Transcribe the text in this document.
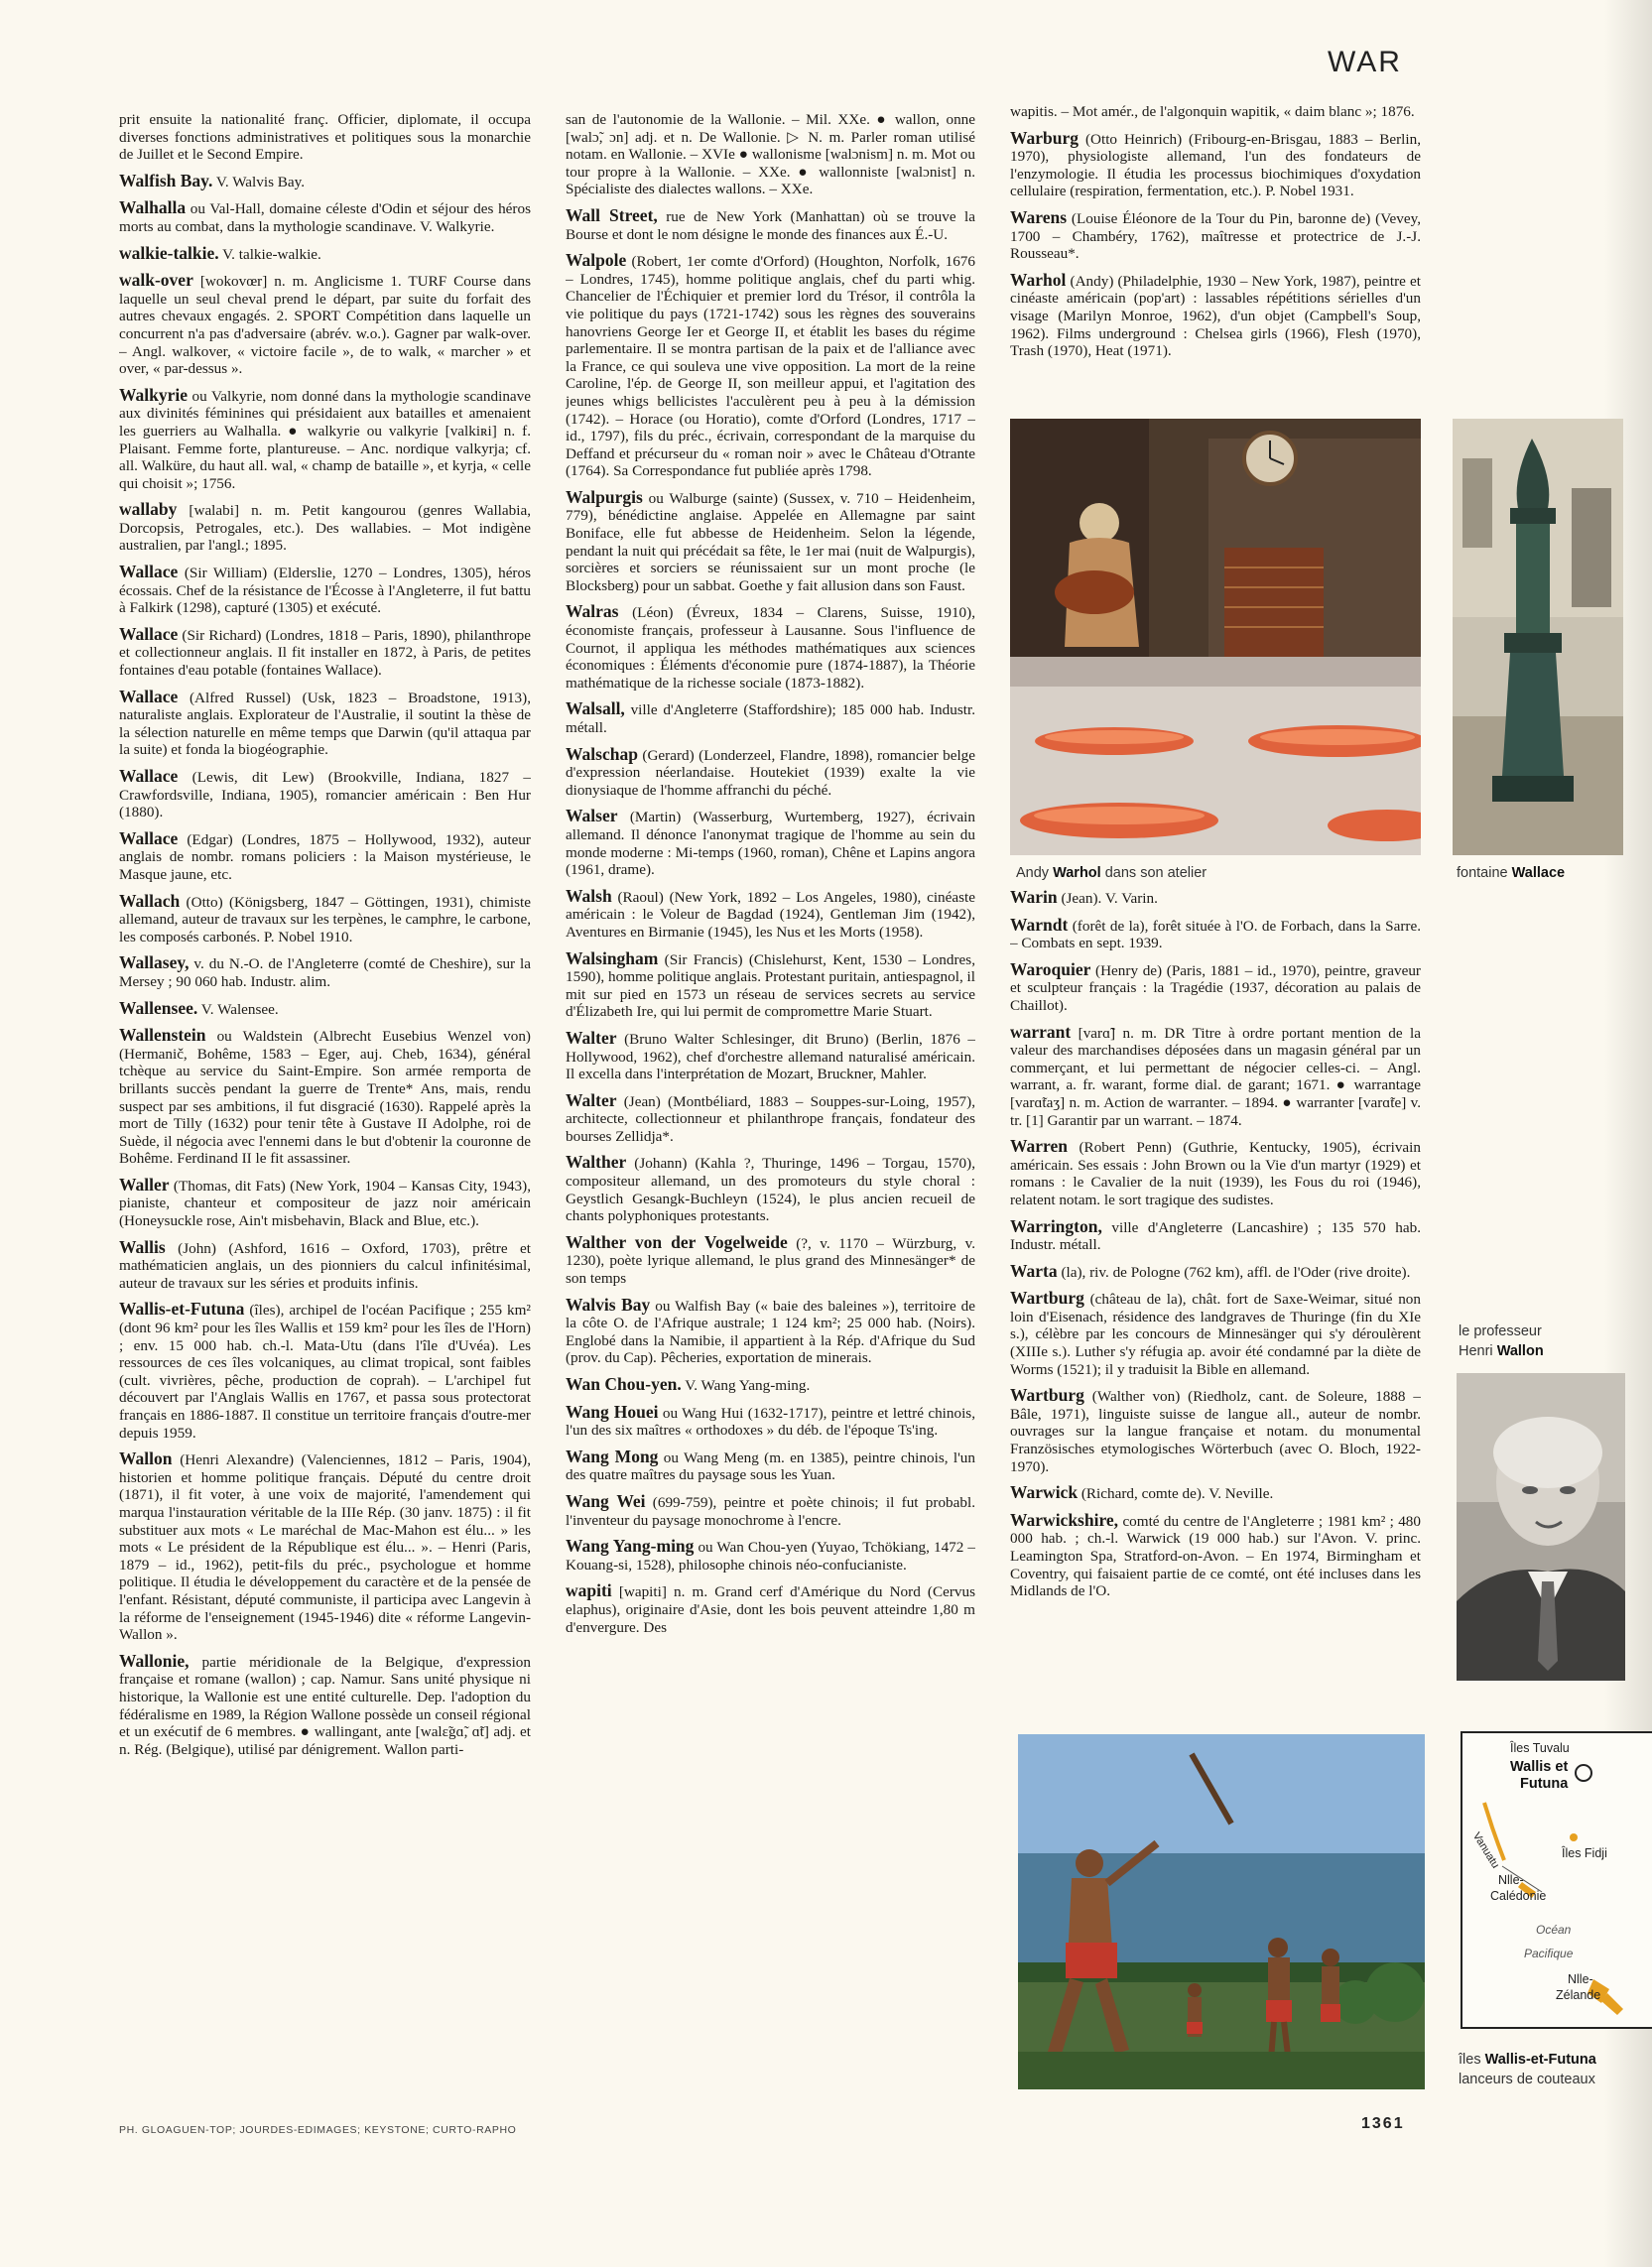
WAR
prit ensuite la nationalité franç. Officier, diplomate, il occupa diverses fonctions administratives et politiques sous la monarchie de Juillet et le Second Empire.
Walfish Bay. V. Walvis Bay.
Walhalla ou Val-Hall, domaine céleste d'Odin et séjour des héros morts au combat, dans la mythologie scandinave. V. Walkyrie.
walkie-talkie. V. talkie-walkie.
walk-over [wokovœr] n. m. Anglicisme 1. TURF Course dans laquelle un seul cheval prend le départ, par suite du forfait des autres chevaux engagés. 2. SPORT Compétition dans laquelle un concurrent n'a pas d'adversaire (abrév. w.o.). Gagner par walk-over. – Angl. walkover, « victoire facile », de to walk, « marcher » et over, « par-dessus ».
Walkyrie ou Valkyrie, nom donné dans la mythologie scandinave aux divinités féminines qui présidaient aux batailles et amenaient les guerriers au Walhalla. ● walkyrie ou valkyrie [valkiʀi] n. f. Plaisant. Femme forte, plantureuse. – Anc. nordique valkyrja; cf. all. Walküre, du haut all. wal, « champ de bataille », et kyrja, « celle qui choisit »; 1756.
wallaby [walabi] n. m. Petit kangourou (genres Wallabia, Dorcopsis, Petrogales, etc.). Des wallabies. – Mot indigène australien, par l'angl.; 1895.
Wallace (Sir William) (Elderslie, 1270 – Londres, 1305), héros écossais. Chef de la résistance de l'Écosse à l'Angleterre, il fut battu à Falkirk (1298), capturé (1305) et exécuté.
Wallace (Sir Richard) (Londres, 1818 – Paris, 1890), philanthrope et collectionneur anglais. Il fit installer en 1872, à Paris, de petites fontaines d'eau potable (fontaines Wallace).
Wallace (Alfred Russel) (Usk, 1823 – Broadstone, 1913), naturaliste anglais. Explorateur de l'Australie, il soutint la thèse de la sélection naturelle en même temps que Darwin (qu'il attaqua par la suite) et fonda la biogéographie.
Wallace (Lewis, dit Lew) (Brookville, Indiana, 1827 – Crawfordsville, Indiana, 1905), romancier américain : Ben Hur (1880).
Wallace (Edgar) (Londres, 1875 – Hollywood, 1932), auteur anglais de nombr. romans policiers : la Maison mystérieuse, le Masque jaune, etc.
Wallach (Otto) (Königsberg, 1847 – Göttingen, 1931), chimiste allemand, auteur de travaux sur les terpènes, le camphre, le carbone, les composés carbonés. P. Nobel 1910.
Wallasey, v. du N.-O. de l'Angleterre (comté de Cheshire), sur la Mersey ; 90 060 hab. Industr. alim.
Wallensee. V. Walensee.
Wallenstein ou Waldstein (Albrecht Eusebius Wenzel von) (Hermanič, Bohême, 1583 – Eger, auj. Cheb, 1634), général tchèque au service du Saint-Empire. Son armée remporta de brillants succès pendant la guerre de Trente* Ans, mais, rendu suspect par ses ambitions, il fut disgracié (1630). Rappelé après la mort de Tilly (1632) pour tenir tête à Gustave II Adolphe, roi de Suède, il négocia avec l'ennemi dans le but d'obtenir la couronne de Bohême. Ferdinand II le fit assassiner.
Waller (Thomas, dit Fats) (New York, 1904 – Kansas City, 1943), pianiste, chanteur et compositeur de jazz noir américain (Honeysuckle rose, Ain't misbehavin, Black and Blue, etc.).
Wallis (John) (Ashford, 1616 – Oxford, 1703), prêtre et mathématicien anglais, un des pionniers du calcul infinitésimal, auteur de travaux sur les séries et produits infinis.
Wallis-et-Futuna (îles), archipel de l'océan Pacifique ; 255 km² (dont 96 km² pour les îles Wallis et 159 km² pour les îles de l'Horn) ; env. 15 000 hab. ch.-l. Mata-Utu (dans l'île d'Uvéa). Les ressources de ces îles volcaniques, au climat tropical, sont faibles (cult. vivrières, pêche, production de coprah). – L'archipel fut découvert par l'Anglais Wallis en 1767, et passa sous protectorat français en 1886-1887. Il constitue un territoire français d'outre-mer depuis 1959.
Wallon (Henri Alexandre) (Valenciennes, 1812 – Paris, 1904), historien et homme politique français. Député du centre droit (1871), il fit voter, à une voix de majorité, l'amendement qui marqua l'instauration véritable de la IIIe Rép. (30 janv. 1875) : il fit substituer aux mots « Le maréchal de Mac-Mahon est élu... » les mots « Le président de la République est élu... ». – Henri (Paris, 1879 – id., 1962), petit-fils du préc., psychologue et homme politique. Il étudia le développement du caractère et de la pensée de l'enfant. Résistant, député communiste, il participa avec Langevin à la réforme de l'enseignement (1945-1946) dite « réforme Langevin-Wallon ».
Wallonie, partie méridionale de la Belgique, d'expression française et romane (wallon) ; cap. Namur. Sans unité physique ni historique, la Wallonie est une entité culturelle. Dep. l'adoption du fédéralisme en 1989, la Région Wallone possède un conseil régional et un exécutif de 6 membres. ● wallingant, ante [walɛ̃gɑ̃, ɑ̃t] adj. et n. Rég. (Belgique), utilisé par dénigrement. Wallon parti-
san de l'autonomie de la Wallonie. – Mil. XXe. ● wallon, onne [walɔ̃, ɔn] adj. et n. De Wallonie. ▷ N. m. Parler roman utilisé notam. en Wallonie. – XVIe ● wallonisme [walɔnism] n. m. Mot ou tour propre à la Wallonie. – XXe. ● wallonniste [walɔnist] n. Spécialiste des dialectes wallons. – XXe.
Wall Street, rue de New York (Manhattan) où se trouve la Bourse et dont le nom désigne le monde des finances aux É.-U.
Walpole (Robert, 1er comte d'Orford) (Houghton, Norfolk, 1676 – Londres, 1745), homme politique anglais, chef du parti whig. Chancelier de l'Échiquier et premier lord du Trésor, il contrôla la vie politique du pays (1721-1742) sous les règnes des souverains hanovriens George Ier et George II, et établit les bases du régime parlementaire. Il se montra partisan de la paix et de l'alliance avec la France, ce qui souleva une vive opposition. La mort de la reine Caroline, l'ép. de George II, son meilleur appui, et l'agitation des jeunes whigs bellicistes l'acculèrent peu à peu à la démission (1742). – Horace (ou Horatio), comte d'Orford (Londres, 1717 – id., 1797), fils du préc., écrivain, correspondant de la marquise du Deffand et précurseur du « roman noir » avec le Château d'Otrante (1764). Sa Correspondance fut publiée après 1798.
Walpurgis ou Walburge (sainte) (Sussex, v. 710 – Heidenheim, 779), bénédictine anglaise. Appelée en Allemagne par saint Boniface, elle fut abbesse de Heidenheim. Selon la légende, pendant la nuit qui précédait sa fête, le 1er mai (nuit de Walpurgis), sorcières et sorciers se réunissaient sur un mont proche (le Blocksberg) pour un sabbat. Goethe y fait allusion dans son Faust.
Walras (Léon) (Évreux, 1834 – Clarens, Suisse, 1910), économiste français, professeur à Lausanne. Sous l'influence de Cournot, il appliqua les méthodes mathématiques aux sciences économiques : Éléments d'économie pure (1874-1887), la Théorie mathématique de la richesse sociale (1873-1882).
Walsall, ville d'Angleterre (Staffordshire); 185 000 hab. Industr. métall.
Walschap (Gerard) (Londerzeel, Flandre, 1898), romancier belge d'expression néerlandaise. Houtekiet (1939) exalte la vie dionysiaque de l'homme affranchi du péché.
Walser (Martin) (Wasserburg, Wurtemberg, 1927), écrivain allemand. Il dénonce l'anonymat tragique de l'homme au sein du monde moderne : Mi-temps (1960, roman), Chêne et Lapins angora (1961, drame).
Walsh (Raoul) (New York, 1892 – Los Angeles, 1980), cinéaste américain : le Voleur de Bagdad (1924), Gentleman Jim (1942), Aventures en Birmanie (1945), les Nus et les Morts (1958).
Walsingham (Sir Francis) (Chislehurst, Kent, 1530 – Londres, 1590), homme politique anglais. Protestant puritain, antiespagnol, il mit sur pied en 1573 un réseau de services secrets au service d'Élizabeth Ire, qui lui permit de compromettre Marie Stuart.
Walter (Bruno Walter Schlesinger, dit Bruno) (Berlin, 1876 – Hollywood, 1962), chef d'orchestre allemand naturalisé américain. Il excella dans l'interprétation de Mozart, Bruckner, Mahler.
Walter (Jean) (Montbéliard, 1883 – Souppes-sur-Loing, 1957), architecte, collectionneur et philanthrope français, fondateur des bourses Zellidja*.
Walther (Johann) (Kahla ?, Thuringe, 1496 – Torgau, 1570), compositeur allemand, un des promoteurs du style choral : Geystlich Gesangk-Buchleyn (1524), le plus ancien recueil de chants polyphoniques protestants.
Walther von der Vogelweide (?, v. 1170 – Würzburg, v. 1230), poète lyrique allemand, le plus grand des Minnesänger* de son temps
Walvis Bay ou Walfish Bay (« baie des baleines »), territoire de la côte O. de l'Afrique australe; 1 124 km²; 25 000 hab. (Noirs). Englobé dans la Namibie, il appartient à la Rép. d'Afrique du Sud (prov. du Cap). Pêcheries, exportation de minerais.
Wan Chou-yen. V. Wang Yang-ming.
Wang Houei ou Wang Hui (1632-1717), peintre et lettré chinois, l'un des six maîtres « orthodoxes » du déb. de l'époque Ts'ing.
Wang Mong ou Wang Meng (m. en 1385), peintre chinois, l'un des quatre maîtres du paysage sous les Yuan.
Wang Wei (699-759), peintre et poète chinois; il fut probabl. l'inventeur du paysage monochrome à l'encre.
Wang Yang-ming ou Wan Chou-yen (Yuyao, Tchökiang, 1472 – Kouang-si, 1528), philosophe chinois néo-confucianiste.
wapiti [wapiti] n. m. Grand cerf d'Amérique du Nord (Cervus elaphus), originaire d'Asie, dont les bois peuvent atteindre 1,80 m d'envergure. Des
wapitis. – Mot amér., de l'algonquin wapitik, « daim blanc »; 1876.
Warburg (Otto Heinrich) (Fribourg-en-Brisgau, 1883 – Berlin, 1970), physiologiste allemand, l'un des fondateurs de l'enzymologie. Il étudia les processus biochimiques d'oxydation cellulaire (respiration, fermentation, etc.). P. Nobel 1931.
Warens (Louise Éléonore de la Tour du Pin, baronne de) (Vevey, 1700 – Chambéry, 1762), maîtresse et protectrice de J.-J. Rousseau*.
Warhol (Andy) (Philadelphie, 1930 – New York, 1987), peintre et cinéaste américain (pop'art) : lassables répétitions sérielles d'un visage (Marilyn Monroe, 1962), d'un objet (Campbell's Soup, 1962). Films underground : Chelsea girls (1966), Flesh (1970), Trash (1970), Heat (1971).
Warin (Jean). V. Varin.
Warndt (forêt de la), forêt située à l'O. de Forbach, dans la Sarre. – Combats en sept. 1939.
Waroquier (Henry de) (Paris, 1881 – id., 1970), peintre, graveur et sculpteur français : la Tragédie (1937, décoration au palais de Chaillot).
warrant [varɑ̃] n. m. DR Titre à ordre portant mention de la valeur des marchandises déposées dans un magasin général par un commerçant, et lui permettant de négocier celles-ci. – Angl. warrant, a. fr. warant, forme dial. de garant; 1671. ● warrantage [varɑ̃taʒ] n. m. Action de warranter. – 1894. ● warranter [varɑ̃te] v. tr. [1] Garantir par un warrant. – 1874.
Warren (Robert Penn) (Guthrie, Kentucky, 1905), écrivain américain. Ses essais : John Brown ou la Vie d'un martyr (1929) et romans : le Cavalier de la nuit (1939), les Fous du roi (1946), relatent notam. le sort tragique des sudistes.
Warrington, ville d'Angleterre (Lancashire) ; 135 570 hab. Industr. métall.
Warta (la), riv. de Pologne (762 km), affl. de l'Oder (rive droite).
Wartburg (château de la), chât. fort de Saxe-Weimar, situé non loin d'Eisenach, résidence des landgraves de Thuringe (fin du XIe s.), célèbre par les concours de Minnesänger qui s'y déroulèrent (XIIIe s.). Luther s'y réfugia ap. avoir été condamné par la diète de Worms (1521); il y traduisit la Bible en allemand.
Wartburg (Walther von) (Riedholz, cant. de Soleure, 1888 – Bâle, 1971), linguiste suisse de langue all., auteur de nombr. ouvrages sur la langue française et notam. du monumental Französisches etymologisches Wörterbuch (avec O. Bloch, 1922-1970).
Warwick (Richard, comte de). V. Neville.
Warwickshire, comté du centre de l'Angleterre ; 1981 km² ; 480 000 hab. ; ch.-l. Warwick (19 000 hab.) sur l'Avon. V. princ. Leamington Spa, Stratford-on-Avon. – En 1974, Birmingham et Coventry, qui faisaient partie de ce comté, ont été incluses dans les Midlands de l'O.
Andy Warhol dans son atelier	fontaine Wallace
le professeur
Henri Wallon
îles Wallis-et-Futuna
lanceurs de couteaux
Îles Tuvalu
Wallis et
Futuna
Vanuatu	Îles Fidji
Nlle-
Calédonie
Océan
Pacifique
Nlle-
Zélande
PH. GLOAGUEN-TOP; JOURDES-EDIMAGES; KEYSTONE; CURTO-RAPHO	1361
